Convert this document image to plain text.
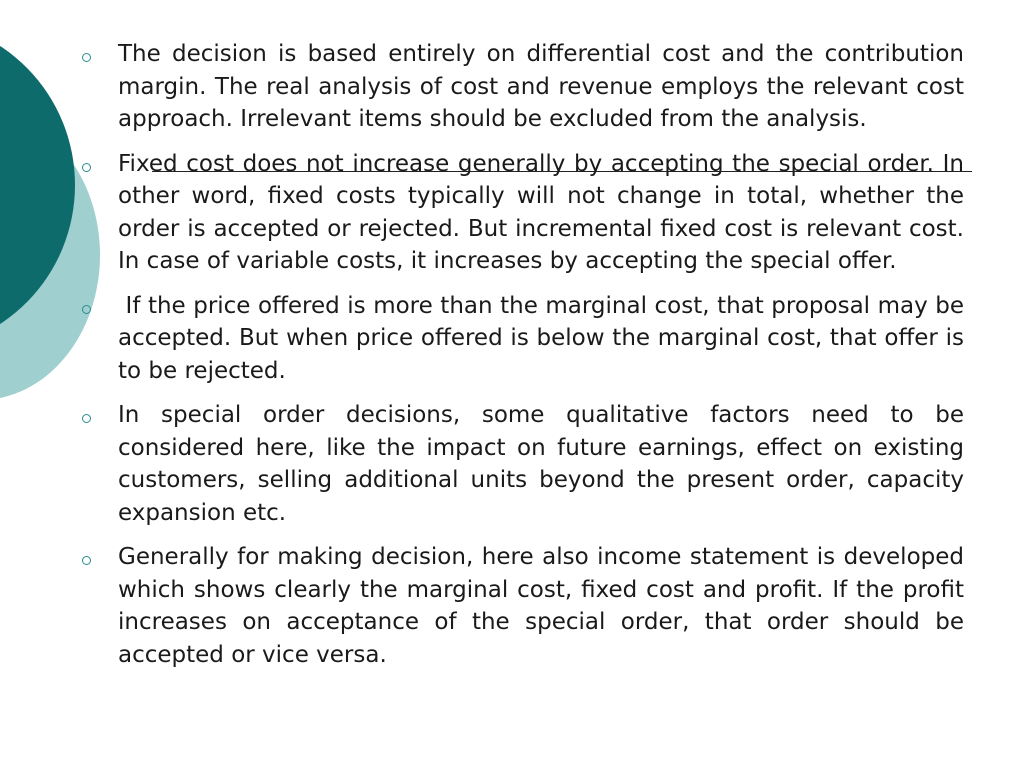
The decision is based entirely on differential cost and the contribution margin. The real analysis of cost and revenue employs the relevant cost approach. Irrelevant items should be excluded from the analysis.
Fixed cost does not increase generally by accepting the special order. In other word, fixed costs typically will not change in total, whether the order is accepted or rejected. But incremental fixed cost is relevant cost. In case of variable costs, it increases by accepting the special offer.
If the price offered is more than the marginal cost, that proposal may be accepted. But when price offered is below the marginal cost, that offer is to be rejected.
In special order decisions, some qualitative factors need to be considered here, like the impact on future earnings, effect on existing customers, selling additional units beyond the present order, capacity expansion etc.
Generally for making decision, here also income statement is developed which shows clearly the marginal cost, fixed cost and profit. If the profit increases on acceptance of the special order, that order should be accepted or vice versa.
